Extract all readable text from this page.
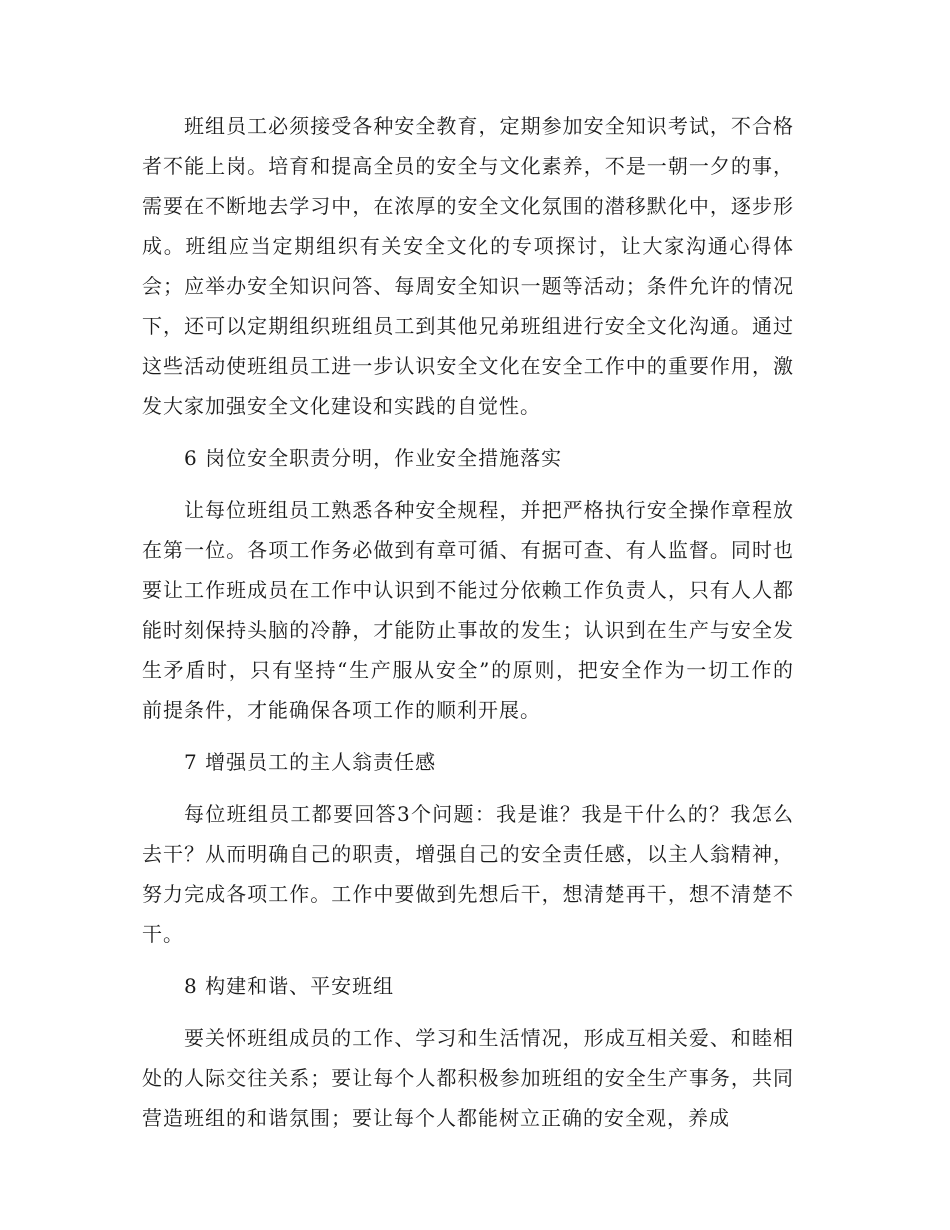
班组员工必须接受各种安全教育，定期参加安全知识考试，不合格者不能上岗。培育和提高全员的安全与文化素养，不是一朝一夕的事，需要在不断地去学习中，在浓厚的安全文化氛围的潜移默化中，逐步形成。班组应当定期组织有关安全文化的专项探讨，让大家沟通心得体会；应举办安全知识问答、每周安全知识一题等活动；条件允许的情况下，还可以定期组织班组员工到其他兄弟班组进行安全文化沟通。通过这些活动使班组员工进一步认识安全文化在安全工作中的重要作用，激发大家加强安全文化建设和实践的自觉性。

6 岗位安全职责分明，作业安全措施落实

让每位班组员工熟悉各种安全规程，并把严格执行安全操作章程放在第一位。各项工作务必做到有章可循、有据可查、有人监督。同时也要让工作班成员在工作中认识到不能过分依赖工作负责人，只有人人都能时刻保持头脑的冷静，才能防止事故的发生；认识到在生产与安全发生矛盾时，只有坚持“生产服从安全”的原则，把安全作为一切工作的前提条件，才能确保各项工作的顺利开展。

7 增强员工的主人翁责任感

每位班组员工都要回答3个问题：我是谁？我是干什么的？我怎么去干？从而明确自己的职责，增强自己的安全责任感，以主人翁精神，努力完成各项工作。工作中要做到先想后干，想清楚再干，想不清楚不干。

8 构建和谐、平安班组

要关怀班组成员的工作、学习和生活情况，形成互相关爱、和睦相处的人际交往关系；要让每个人都积极参加班组的安全生产事务，共同营造班组的和谐氛围；要让每个人都能树立正确的安全观，养成
